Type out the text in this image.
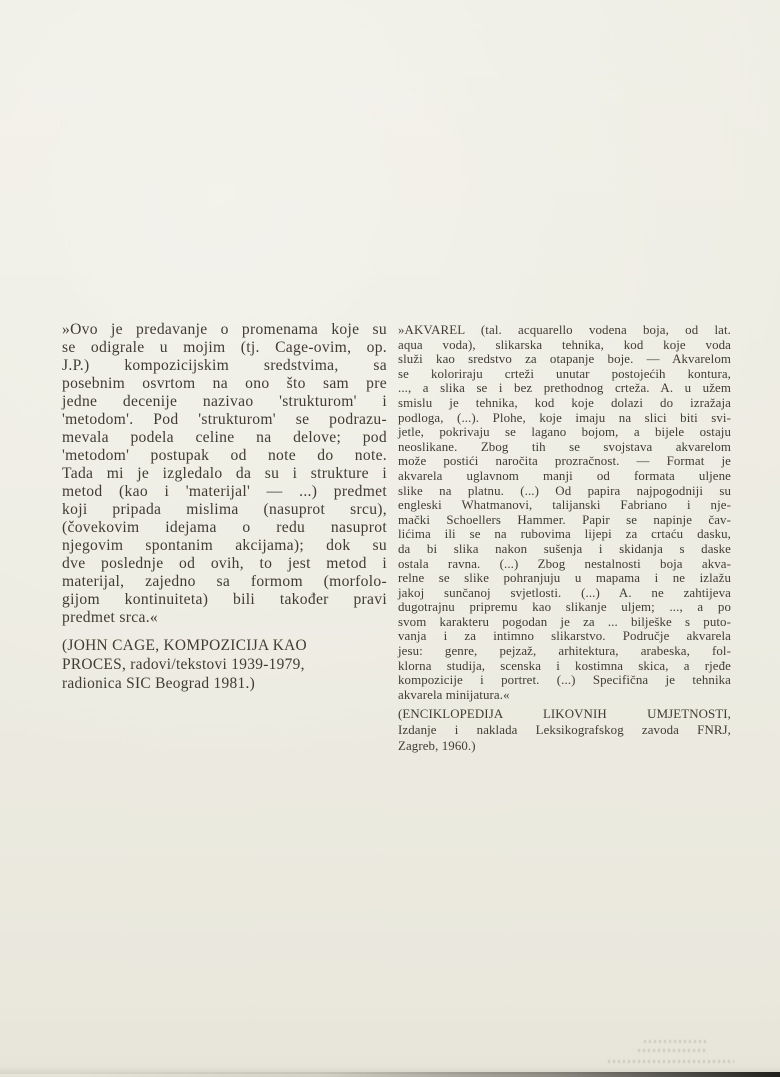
»Ovo je predavanje o promenama koje su
se odigrale u mojim (tj. Cage-ovim, op.
J.P.) kompozicijskim sredstvima, sa
posebnim osvrtom na ono što sam pre
jedne decenije nazivao 'strukturom' i
'metodom'. Pod 'strukturom' se podrazu-
mevala podela celine na delove; pod
'metodom' postupak od note do note.
Tada mi je izgledalo da su i strukture i
metod (kao i 'materijal' — ...) predmet
koji pripada mislima (nasuprot srcu),
(čovekovim idejama o redu nasuprot
njegovim spontanim akcijama); dok su
dve poslednje od ovih, to jest metod i
materijal, zajedno sa formom (morfolo-
gijom kontinuiteta) bili također pravi
predmet srca.«
(JOHN CAGE, KOMPOZICIJA KAO
PROCES, radovi/tekstovi 1939-1979,
radionica SIC Beograd 1981.)
»AKVAREL (tal. acquarello vodena boja, od lat.
aqua voda), slikarska tehnika, kod koje voda
služi kao sredstvo za otapanje boje. — Akvarelom
se koloriraju crteži unutar postojećih kontura,
..., a slika se i bez prethodnog crteža. A. u užem
smislu je tehnika, kod koje dolazi do izražaja
podloga, (...). Plohe, koje imaju na slici biti svi-
jetle, pokrivaju se lagano bojom, a bijele ostaju
neoslikane. Zbog tih se svojstava akvarelom
može postići naročita prozračnost. — Format je
akvarela uglavnom manji od formata uljene
slike na platnu. (...) Od papira najpogodniji su
engleski Whatmanovi, talijanski Fabriano i nje-
mački Schoellers Hammer. Papir se napinje čav-
lićima ili se na rubovima lijepi za crtaću dasku,
da bi slika nakon sušenja i skidanja s daske
ostala ravna. (...) Zbog nestalnosti boja akva-
relne se slike pohranjuju u mapama i ne izlažu
jakoj sunčanoj svjetlosti. (...) A. ne zahtijeva
dugotrajnu pripremu kao slikanje uljem; ..., a po
svom karakteru pogodan je za ... bilješke s puto-
vanja i za intimno slikarstvo. Područje akvarela
jesu: genre, pejzaž, arhitektura, arabeska, fol-
klorna studija, scenska i kostimna skica, a rjeđe
kompozicije i portret. (...) Specifična je tehnika
akvarela minijatura.«
(ENCIKLOPEDIJA LIKOVNIH UMJETNOSTI,
Izdanje i naklada Leksikografskog zavoda FNRJ,
Zagreb, 1960.)
